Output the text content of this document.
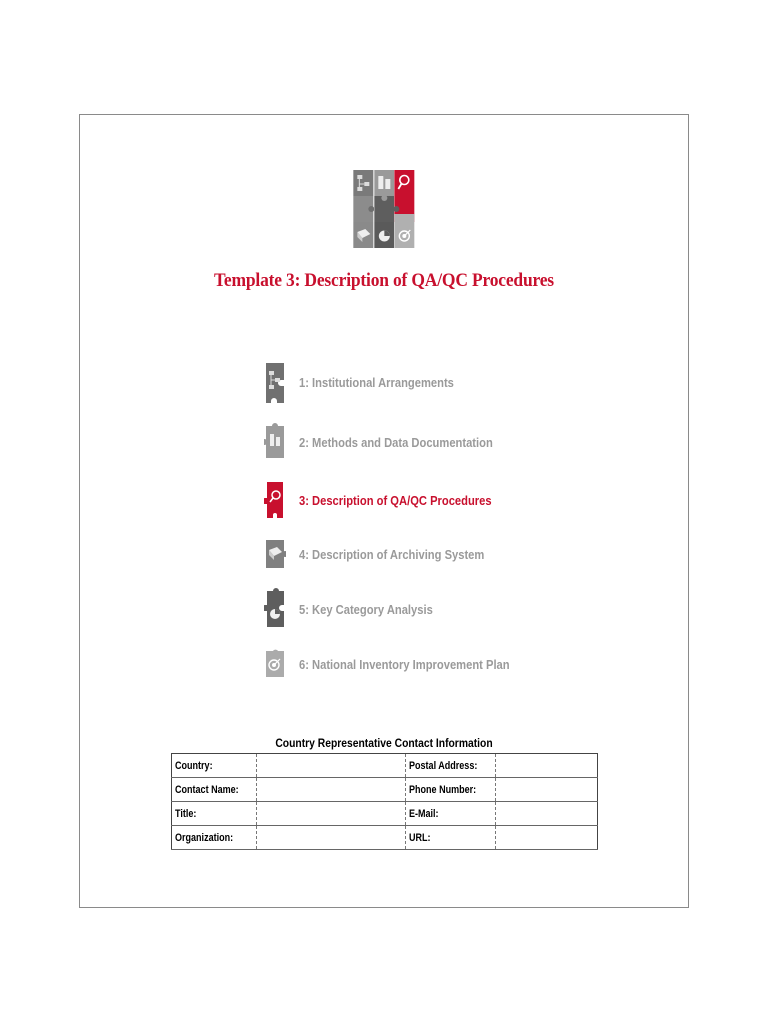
Template 3: Description of QA/QC Procedures
1: Institutional Arrangements
2: Methods and Data Documentation
3: Description of QA/QC Procedures
4: Description of Archiving System
5: Key Category Analysis
6: National Inventory Improvement Plan
Country Representative Contact Information
Country:		Postal Address:	
Contact Name:		Phone Number:	
Title:		E-Mail:	
Organization:		URL:	
